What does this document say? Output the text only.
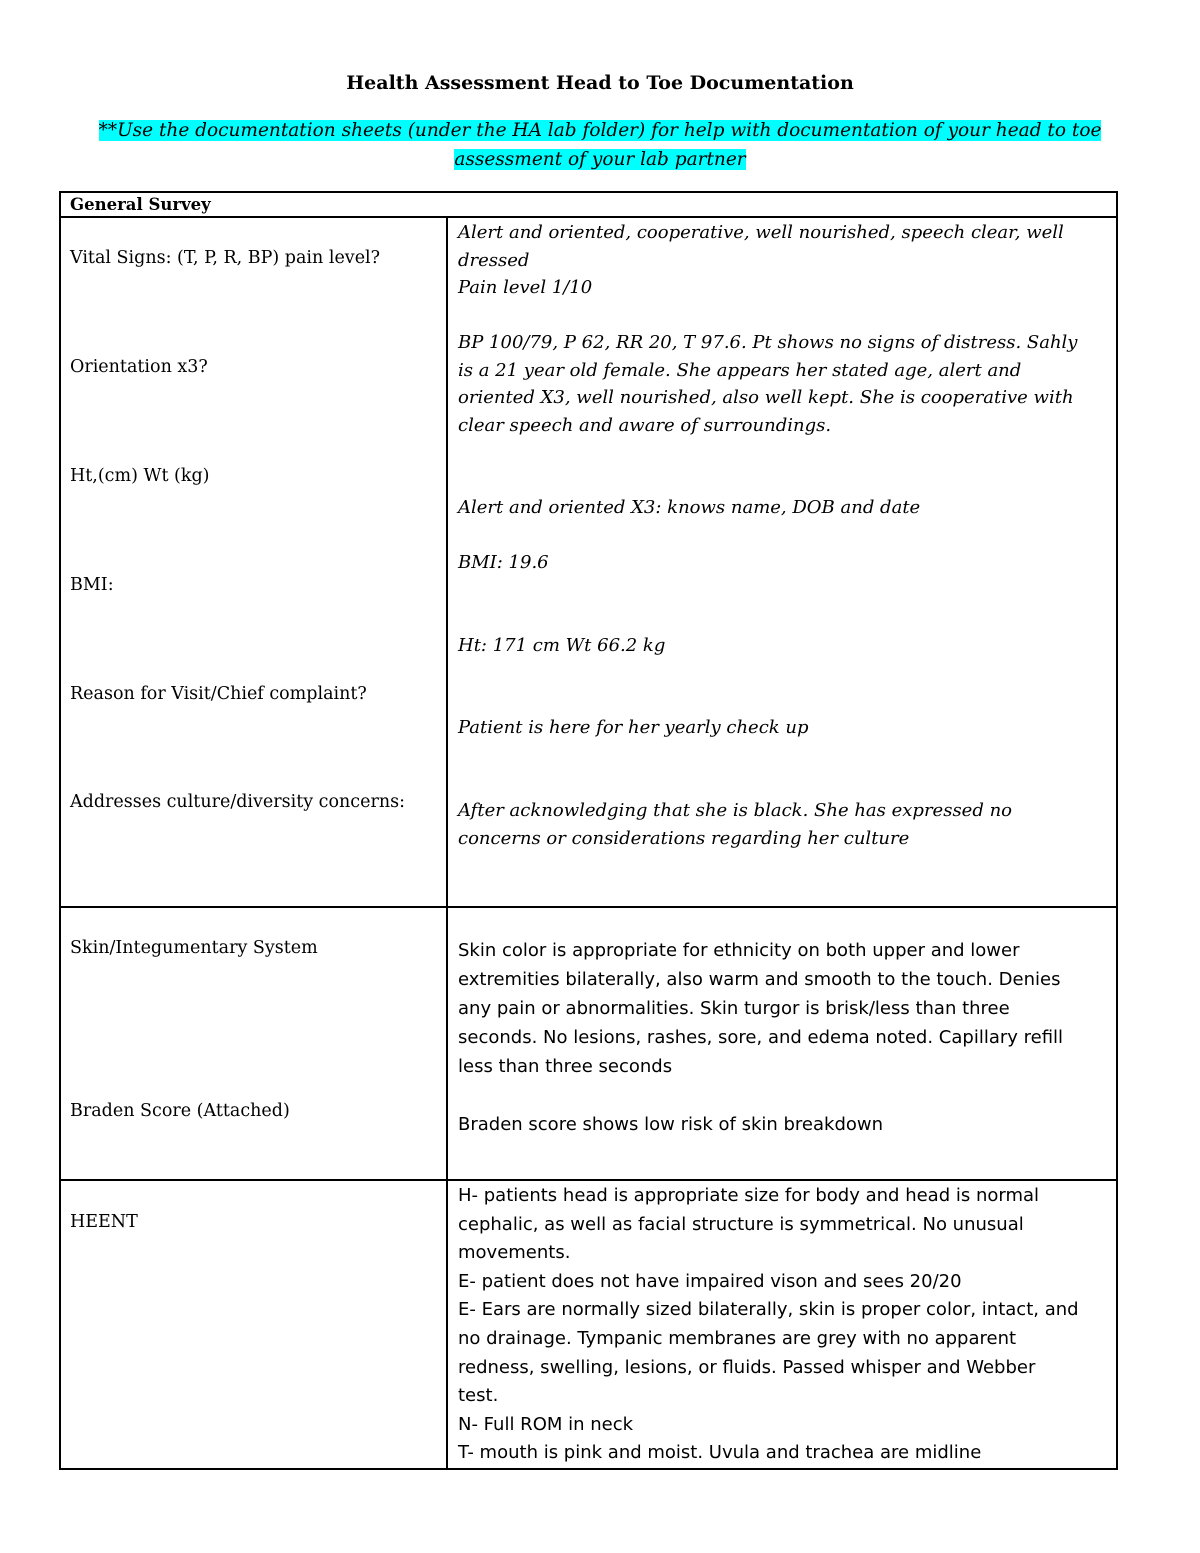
Health Assessment Head to Toe Documentation
**Use the documentation sheets (under the HA lab folder) for help with documentation of your head to toe
assessment of your lab partner
General Survey
Vital Signs: (T, P, R, BP) pain level?
Orientation x3?
Ht,(cm) Wt (kg)
BMI:
Reason for Visit/Chief complaint?
Addresses culture/diversity concerns:
Alert and oriented, cooperative, well nourished, speech clear, well
dressed
Pain level 1/10
BP 100/79, P 62, RR 20, T 97.6. Pt shows no signs of distress. Sahly
is a 21 year old female. She appears her stated age, alert and
oriented X3, well nourished, also well kept. She is cooperative with
clear speech and aware of surroundings.
Alert and oriented X3: knows name, DOB and date
BMI: 19.6
Ht: 171 cm Wt 66.2 kg
Patient is here for her yearly check up
After acknowledging that she is black. She has expressed no
concerns or considerations regarding her culture
Skin/Integumentary System
Braden Score (Attached)
Skin color is appropriate for ethnicity on both upper and lower
extremities bilaterally, also warm and smooth to the touch. Denies
any pain or abnormalities. Skin turgor is brisk/less than three
seconds. No lesions, rashes, sore, and edema noted. Capillary refill
less than three seconds
Braden score shows low risk of skin breakdown
HEENT
H- patients head is appropriate size for body and head is normal
cephalic, as well as facial structure is symmetrical. No unusual
movements.
E- patient does not have impaired vison and sees 20/20
E- Ears are normally sized bilaterally, skin is proper color, intact, and
no drainage. Tympanic membranes are grey with no apparent
redness, swelling, lesions, or fluids. Passed whisper and Webber
test.
N- Full ROM in neck
T- mouth is pink and moist. Uvula and trachea are midline
